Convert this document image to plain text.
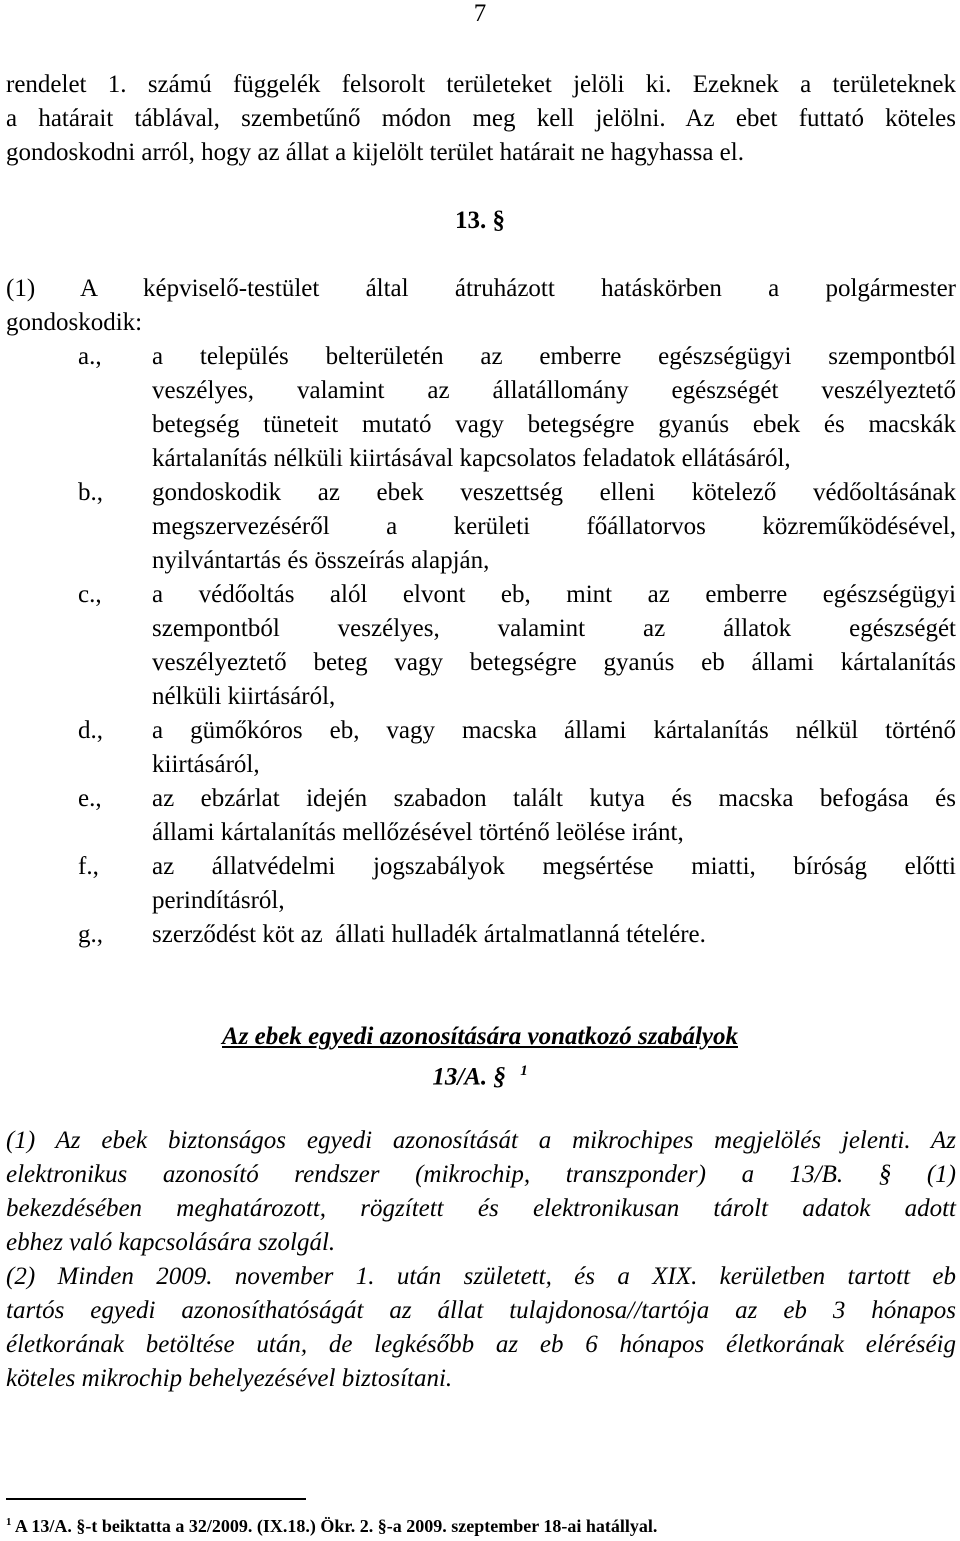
7
rendelet 1. számú függelék felsorolt területeket jelöli ki. Ezeknek a területeknek
a határait táblával, szembetűnő módon meg kell jelölni. Az ebet futtató köteles
gondoskodni arról, hogy az állat a kijelölt terület határait ne hagyhassa el.
13. §
(1) A képviselő-testület által átruházott hatáskörben a polgármester
gondoskodik:
a.,	a település belterületén az emberre egészségügyi szempontból
veszélyes, valamint az állatállomány egészségét veszélyeztető
betegség tüneteit mutató vagy betegségre gyanús ebek és macskák
kártalanítás nélküli kiirtásával kapcsolatos feladatok ellátásáról,
b.,	gondoskodik az ebek veszettség elleni kötelező védőoltásának
megszervezéséről a kerületi főállatorvos közreműködésével,
nyilvántartás és összeírás alapján,
c.,	a védőoltás alól elvont eb, mint az emberre egészségügyi
szempontból veszélyes, valamint az állatok egészségét
veszélyeztető beteg vagy betegségre gyanús eb állami kártalanítás
nélküli kiirtásáról,
d.,	a gümőkóros eb, vagy macska állami kártalanítás nélkül történő
kiirtásáról,
e.,	az ebzárlat idején szabadon talált kutya és macska befogása és
állami kártalanítás mellőzésével történő leölése iránt,
f.,	az állatvédelmi jogszabályok megsértése miatti, bíróság előtti
perindításról,
g.,	szerződést köt az  állati hulladék ártalmatlanná tételére.
Az ebek egyedi azonosítására vonatkozó szabályok
13/A. § $^1$
(1) Az ebek biztonságos egyedi azonosítását a mikrochipes megjelölés jelenti. Az
elektronikus azonosító rendszer (mikrochip, transzponder) a 13/B. § (1)
bekezdésében meghatározott, rögzített és elektronikusan tárolt adatok adott
ebhez való kapcsolására szolgál.
(2) Minden 2009. november 1. után született, és a XIX. kerületben tartott eb
tartós egyedi azonosíthatóságát az állat tulajdonosa//tartója az eb 3 hónapos
életkorának betöltése után, de legkésőbb az eb 6 hónapos életkorának eléréséig
köteles mikrochip behelyezésével biztosítani.
$^1$ A 13/A. §-t beiktatta a 32/2009. (IX.18.) Ökr. 2. §-a 2009. szeptember 18-ai hatállyal.
